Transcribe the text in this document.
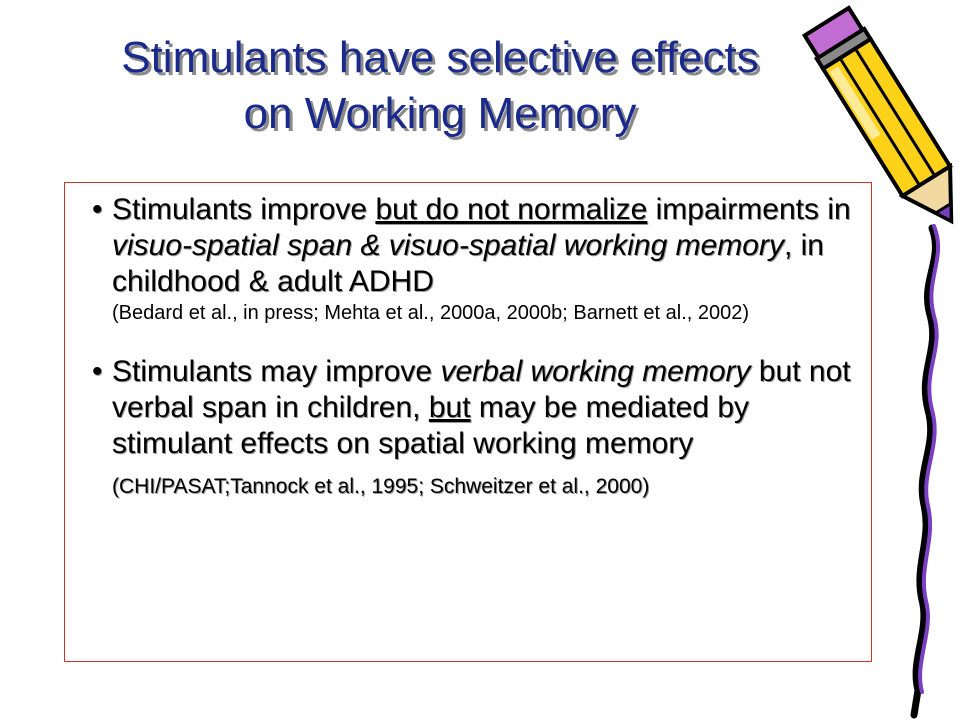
Stimulants have selective effects
on Working Memory
• Stimulants improve but do not normalize impairments in visuo-spatial span & visuo-spatial working memory, in childhood & adult ADHD
(Bedard et al., in press; Mehta et al., 2000a, 2000b; Barnett et al., 2002)
• Stimulants may improve verbal working memory but not verbal span in children, but may be mediated by stimulant effects on spatial working memory (CHI/PASAT;Tannock et al., 1995; Schweitzer et al., 2000)
